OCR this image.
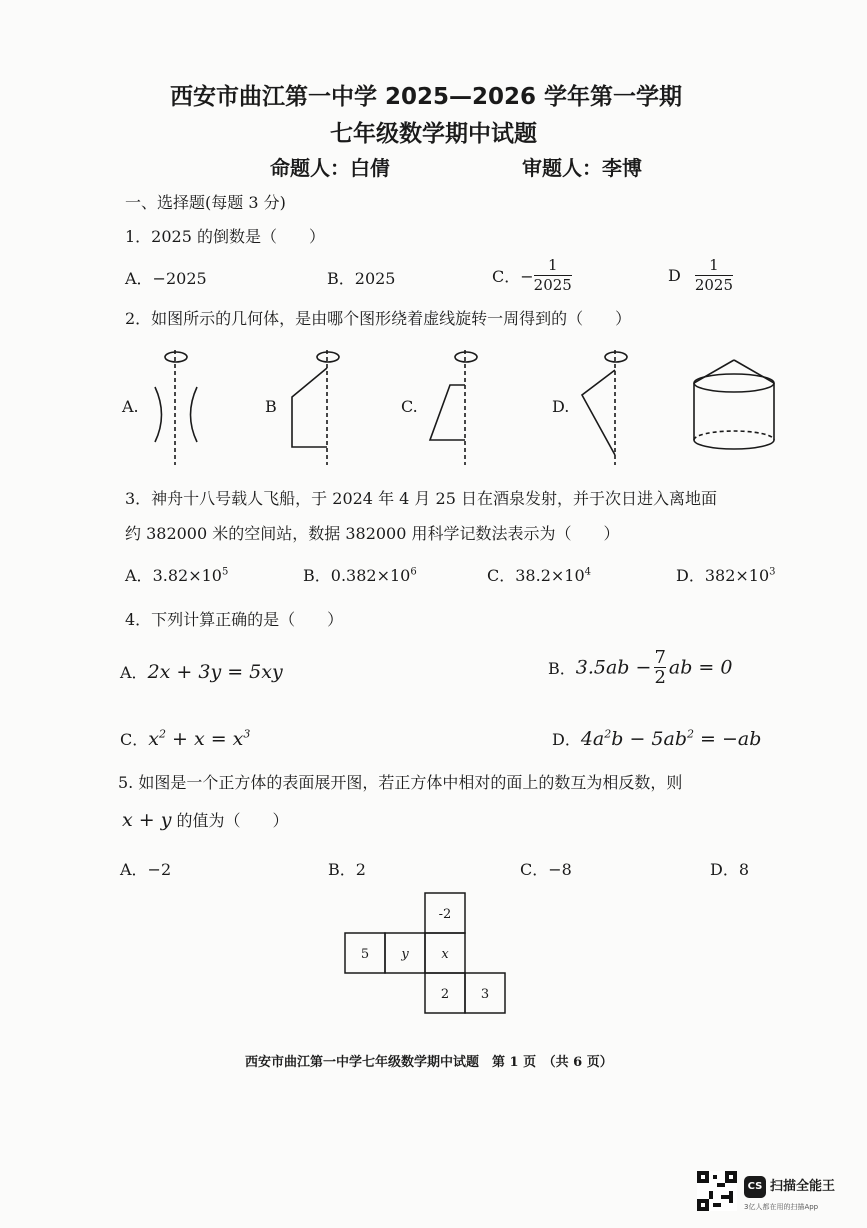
西安市曲江第一中学 2025—2026 学年第一学期
七年级数学期中试题
命题人：白倩	审题人：李博
一、选择题(每题 3 分)
1．2025 的倒数是（　　）
A．−2025	B．2025	C．− $\frac{1}{2025}$	D $\frac{1}{2025}$
2．如图所示的几何体，是由哪个图形绕着虚线旋转一周得到的（　　）
A.	B	C.	D.
3．神舟十八号载人飞船，于 2024 年 4 月 25 日在酒泉发射，并于次日进入离地面
约 382000 米的空间站，数据 382000 用科学记数法表示为（　　）
A．$3.82\times 10^5$	B．$0.382\times 10^6$	C．$38.2\times 10^4$	D．$382\times 10^3$
4．下列计算正确的是（　　）
A．2x + 3y = 5xy	B．$3.5ab - \frac{7}{2}$ ab = 0
C．$x^2 + x = x^3$	D．$4a^2b - 5ab^2 = -ab$
5. 如图是一个正方体的表面展开图，若正方体中相对的面上的数互为相反数，则
x + y 的值为（　　）
A．−2	B．2	C．−8	D．8
-2
5 y	x
2 3
西安市曲江第一中学七年级数学期中试题　第 1 页　（共 6 页）
CS 扫描全能王
3亿人都在用的扫描App
